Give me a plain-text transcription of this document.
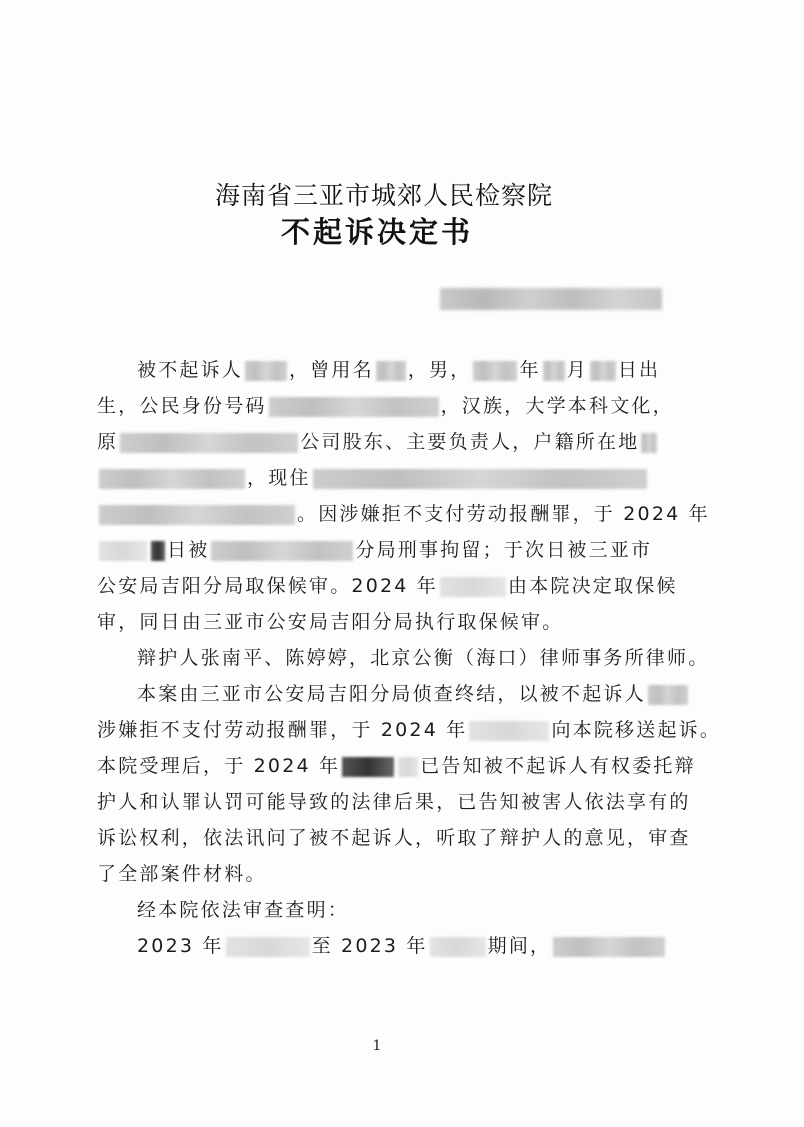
海南省三亚市城郊人民检察院
不起诉决定书
被不起诉人 ，曾用名 ，男，	年 月 日出
生，公民身份号码	，汉族，大学本科文化，
原	公司股东、主要负责人，户籍所在地
，现住
。因涉嫌拒不支付劳动报酬罪，于 2024 年
日被	分局刑事拘留；于次日被三亚市
公安局吉阳分局取保候审。2024 年	由本院决定取保候
审，同日由三亚市公安局吉阳分局执行取保候审。
辩护人张南平、陈婷婷，北京公衡（海口）律师事务所律师。
本案由三亚市公安局吉阳分局侦查终结，以被不起诉人
涉嫌拒不支付劳动报酬罪，于 2024 年	向本院移送起诉。
本院受理后，于 2024 年	已告知被不起诉人有权委托辩
护人和认罪认罚可能导致的法律后果，已告知被害人依法享有的
诉讼权利，依法讯问了被不起诉人，听取了辩护人的意见，审查
了全部案件材料。
经本院依法审查查明：
2023 年	至 2023 年	期间，
1
